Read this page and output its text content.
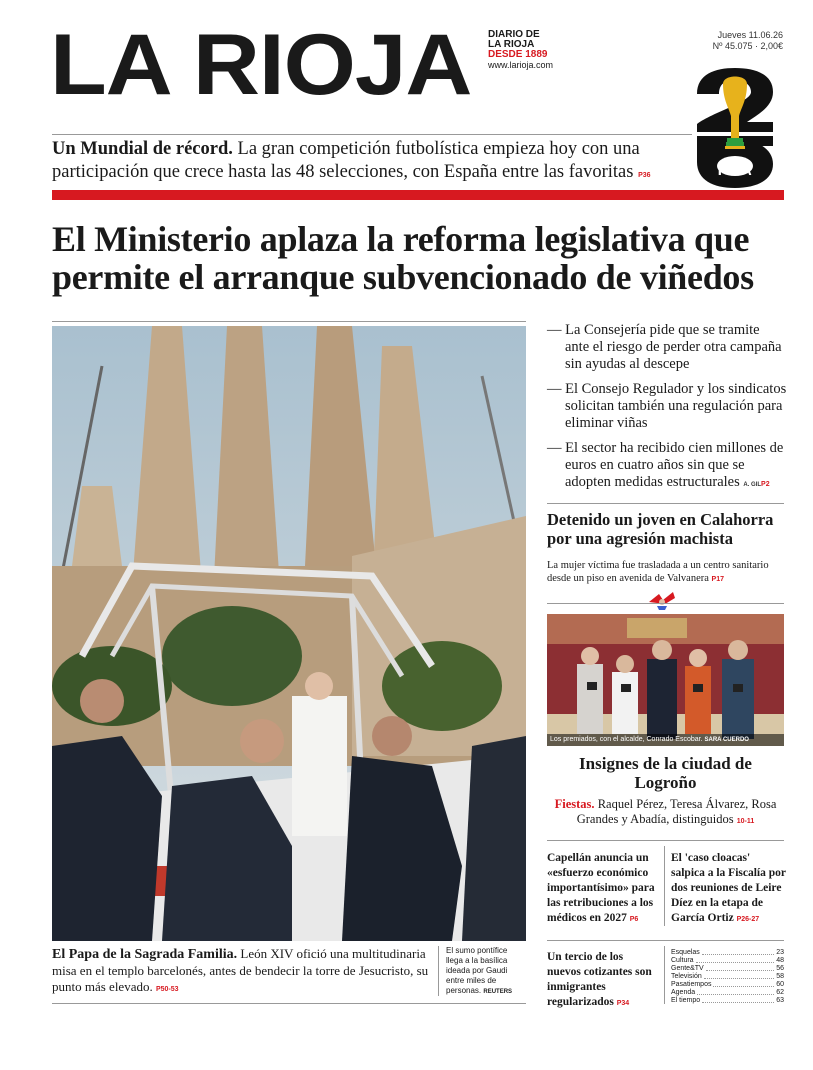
LA RIOJA DIARIO DE
LA RIOJA
DESDE 1889
www.larioja.com
Jueves 11.06.26
Nº 45.075 · 2,00€
FIFA
Un Mundial de récord. La gran competición futbolística empieza hoy con una participación que crece hasta las 48 selecciones, con España entre las favoritas P36
El Ministerio aplaza la reforma legislativa que permite el arranque subvencionado de viñedos
El Papa de la Sagrada Familia. León XIV ofició una multitudinaria misa en el templo barcelonés, antes de bendecir la torre de Jesucristo, su punto más elevado. P50-53
El sumo pontífice llega a la basílica ideada por Gaudi entre miles de personas. REUTERS
— La Consejería pide que se tramite ante el riesgo de perder otra campaña sin ayudas al descepe
— El Consejo Regulador y los sindicatos solicitan también una regulación para eliminar viñas
— El sector ha recibido cien millones de euros en cuatro años sin que se adopten medidas estructurales A. GILP2
Detenido un joven en Calahorra por una agresión machista
La mujer víctima fue trasladada a un centro sanitario desde un piso en avenida de Valvanera P17
Los premiados, con el alcalde, Conrado Escobar. SARA CUERDO
Insignes de la ciudad de Logroño
Fiestas. Raquel Pérez, Teresa Álvarez, Rosa Grandes y Abadía, distinguidos 10-11
Capellán anuncia un «esfuerzo económico importantísimo» para las retribuciones a los médicos en 2027 P6
El 'caso cloacas' salpica a la Fiscalía por dos reuniones de Leire Díez en la etapa de García Ortiz P26-27
Un tercio de los nuevos cotizantes son inmigrantes regularizados P34
Esquelas	23
Cultura	48
Gente&TV	56
Televisión	58
Pasatiempos	60
Agenda	62
El tiempo	63
